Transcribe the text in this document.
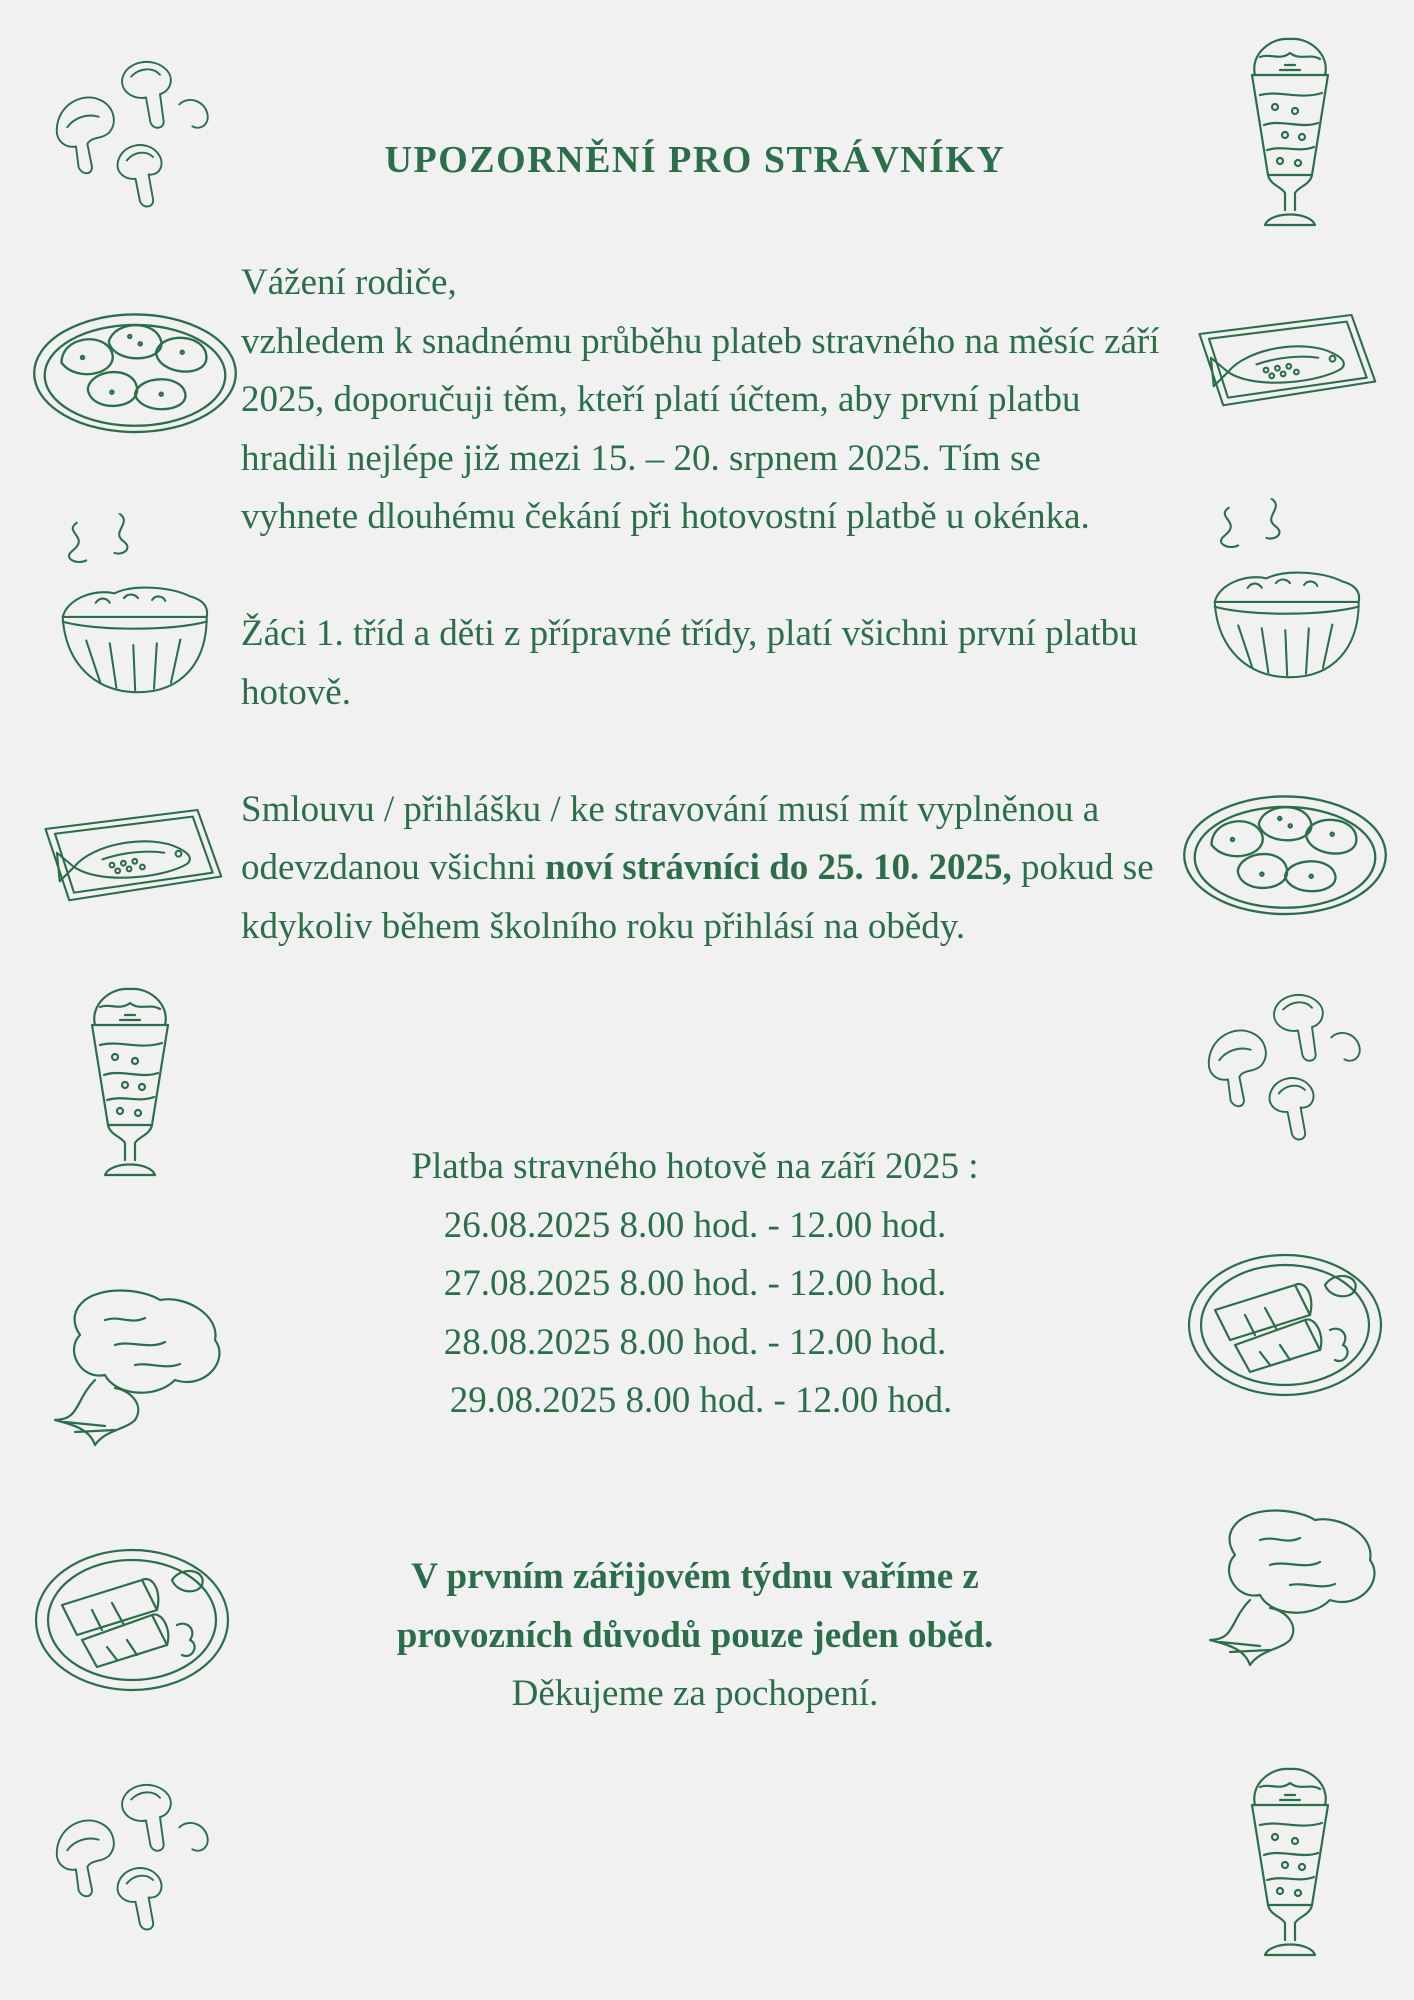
UPOZORNĚNÍ PRO STRÁVNÍKY

Vážení rodiče,

vzhledem k snadnému průběhu plateb stravného na měsíc září 2025, doporučuji těm, kteří platí účtem, aby první platbu hradili nejlépe již mezi 15. – 20. srpnem 2025. Tím se vyhnete dlouhému čekání při hotovostní platbě u okénka.

Žáci 1. tříd a děti z přípravné třídy, platí všichni první platbu hotově.

Smlouvu / přihlášku / ke stravování musí mít vyplněnou a odevzdanou všichni noví strávníci do 25. 10. 2025, pokud se kdykoliv během školního roku přihlásí na obědy.

Platba stravného hotově na září 2025 :
26.08.2025 8.00 hod. - 12.00 hod.
27.08.2025 8.00 hod. - 12.00 hod.
28.08.2025 8.00 hod. - 12.00 hod.
29.08.2025 8.00 hod. - 12.00 hod.
V prvním zářijovém týdnu vaříme z provozních důvodů pouze jeden oběd.
Děkujeme za pochopení.
